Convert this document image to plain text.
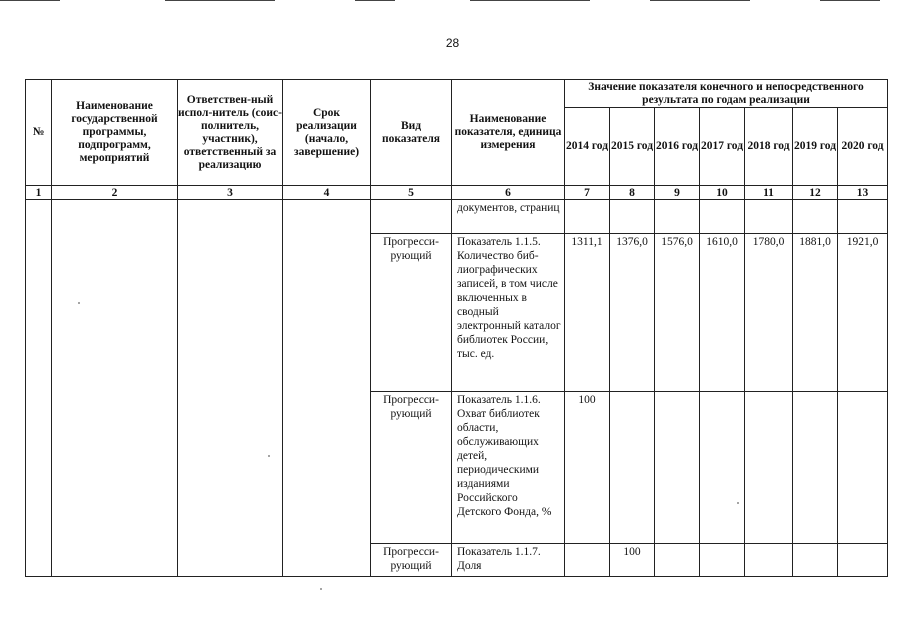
28
№	Наименование государственной программы, подпрограмм, мероприятий	Ответствен-ный испол-нитель (соис-полнитель, участник), ответственный за реализацию	Срок реализации (начало, завершение)	Вид показателя	Наименование показателя, единица измерения	Значение показателя конечного и непосредственного результата по годам реализации						
						2014 год	2015 год	2016 год	2017 год	2018 год	2019 год	2020 год
1	2	3	4	5	6	7	8	9	10	11	12	13
					документов, страниц							
				Прогресси-рующий	Показатель 1.1.5. Количество биб-лиографических записей, в том числе включенных в сводный электронный каталог библиотек России, тыс. ед.	1311,1	1376,0	1576,0	1610,0	1780,0	1881,0	1921,0
				Прогресси-рующий	Показатель 1.1.6. Охват библиотек области, обслуживающих детей, периодическими изданиями Российского Детского Фонда, %	100						
				Прогресси-рующий	Показатель 1.1.7. Доля		100					
